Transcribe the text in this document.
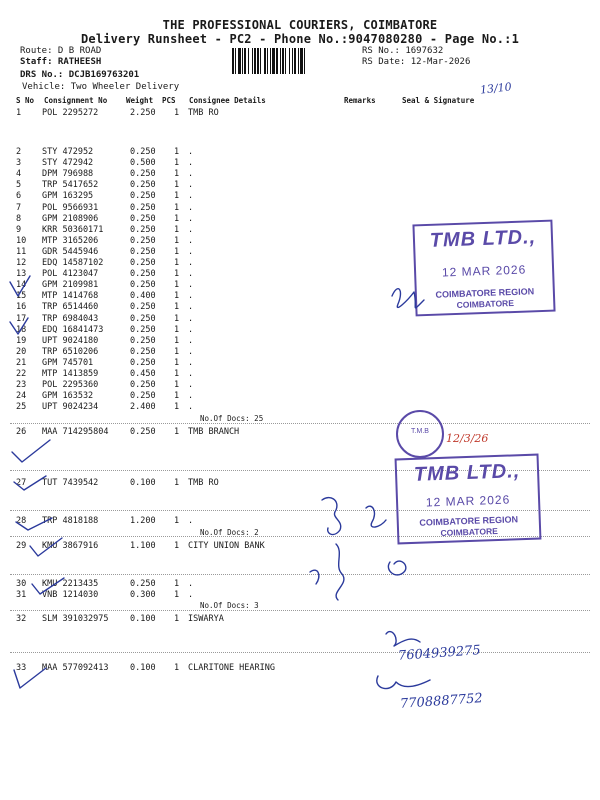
THE PROFESSIONAL COURIERS, COIMBATORE
Delivery Runsheet - PC2 - Phone No.:9047080280 - Page No.:1
Route: D B ROAD
Staff: RATHEESH
DRS No.: DCJB169763201
Vehicle: Two Wheeler Delivery
RS No.: 1697632
RS Date: 12-Mar-2026
S No Consignment No	Weight PCS Consignee Details	Remarks	Seal & Signature
1 POL 2295272	2.250 1 TMB RO
2 STY 472952	0.250 1 .
3 STY 472942	0.500 1 .
4 DPM 796988	0.250 1 .
5 TRP 5417652	0.250 1 .
6 GPM 163295	0.250 1 .
7 POL 9566931	0.250 1 .
8 GPM 2108906	0.250 1 .
9 KRR 50360171	0.250 1 .
10 MTP 3165206	0.250 1 .
11 GDR 5445946	0.250 1 .
12 EDQ 14587102	0.250 1 .
13 POL 4123047	0.250 1 .
14 GPM 2109981	0.250 1 .
15 MTP 1414768	0.400 1 .
16 TRP 6514460	0.250 1 .
17 TRP 6984043	0.250 1 .
18 EDQ 16841473	0.250 1 .
19 UPT 9024180	0.250 1 .
20 TRP 6510206	0.250 1 .
21 GPM 745701	0.250 1 .
22 MTP 1413859	0.450 1 .
23 POL 2295360	0.250 1 .
24 GPM 163532	0.250 1 .
25 UPT 9024234	2.400 1 .
26 MAA 714295804	0.250 1 TMB BRANCH
27 TUT 7439542	0.100 1 TMB RO
28 TRP 4818188	1.200 1 .
29 KMU 3867916	1.100 1 CITY UNION BANK
30 KMU 2213435	0.250 1 .
31 VNB 1214030	0.300 1 .
32 SLM 391032975	0.100 1 ISWARYA
33 MAA 577092413	0.100 1 CLARITONE HEARING
No.Of Docs: 25
No.Of Docs: 2
No.Of Docs: 3
TMB LTD.,
12 MAR 2026
COIMBATORE REGION
COIMBATORE
TMB LTD.,
12 MAR 2026
COIMBATORE REGION
COIMBATORE
T.M.B
13/10
12/3/26
7604939275
7708887752
